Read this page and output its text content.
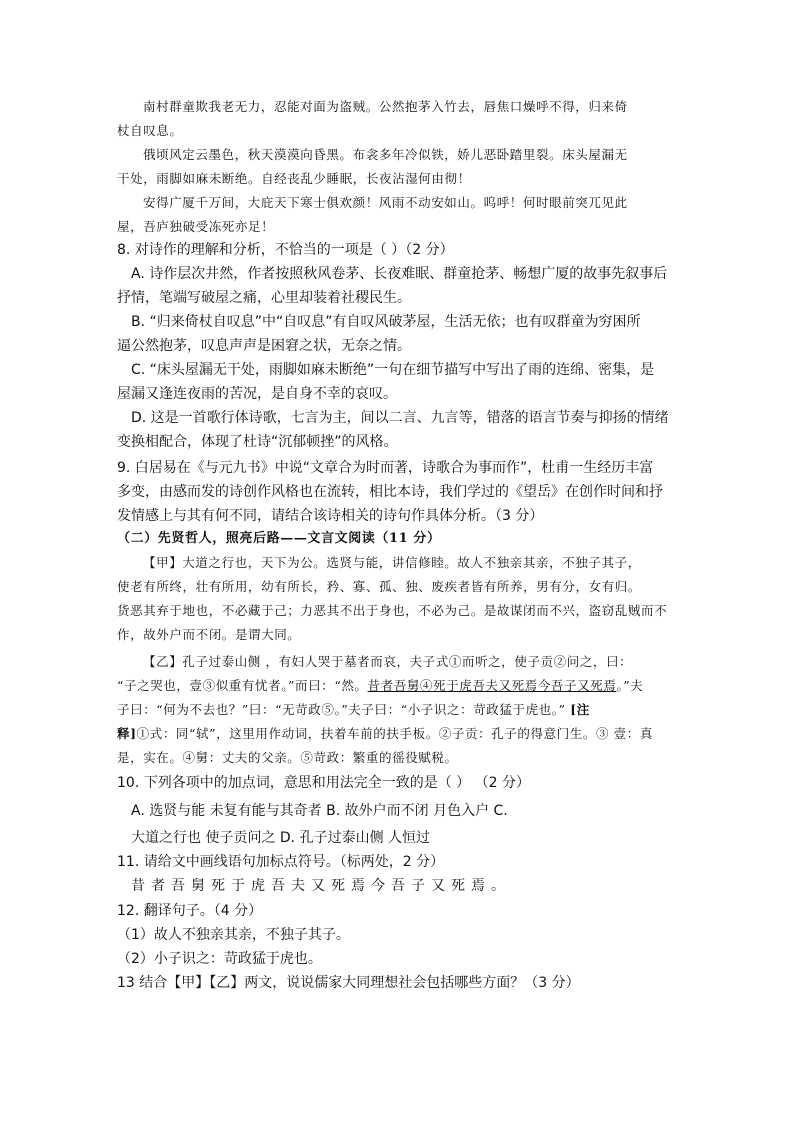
南村群童欺我老无力，忍能对面为盗贼。公然抱茅入竹去，唇焦口燥呼不得，归来倚
杖自叹息。
俄顷风定云墨色，秋天漠漠向昏黑。布衾多年冷似铁，娇儿恶卧踏里裂。床头屋漏无
干处，雨脚如麻未断绝。自经丧乱少睡眠，长夜沾湿何由彻！
安得广厦千万间，大庇天下寒士俱欢颜！风雨不动安如山。呜呼！何时眼前突兀见此
屋，吾庐独破受冻死亦足！
8. 对诗作的理解和分析，不恰当的一项是（ ）（2 分）
A. 诗作层次井然，作者按照秋风卷茅、长夜难眠、群童抢茅、畅想广厦的故事先叙事后
抒情，笔端写破屋之痛，心里却装着社稷民生。
B. “归来倚杖自叹息”中“自叹息”有自叹风破茅屋，生活无依；也有叹群童为穷困所
逼公然抱茅，叹息声声是困窘之状，无奈之情。
C. “床头屋漏无干处，雨脚如麻未断绝”一句在细节描写中写出了雨的连绵、密集，是
屋漏又逢连夜雨的苦况，是自身不幸的哀叹。
D. 这是一首歌行体诗歌，七言为主，间以二言、九言等，错落的语言节奏与抑扬的情绪
变换相配合，体现了杜诗“沉郁顿挫”的风格。
9. 白居易在《与元九书》中说“文章合为时而著，诗歌合为事而作”，杜甫一生经历丰富
多变，由感而发的诗创作风格也在流转，相比本诗，我们学过的《望岳》在创作时间和抒
发情感上与其有何不同，请结合该诗相关的诗句作具体分析。（3 分）
（二）先贤哲人，照亮后路——文言文阅读（11 分）
【甲】大道之行也，天下为公。选贤与能，讲信修睦。故人不独亲其亲，不独子其子，
使老有所终，壮有所用，幼有所长，矜、寡、孤、独、废疾者皆有所养，男有分，女有归。
货恶其弃于地也，不必藏于己；力恶其不出于身也，不必为己。是故谋闭而不兴，盗窃乱贼而不
作，故外户而不闭。是谓大同。
【乙】孔子过泰山侧 ，有妇人哭于墓者而哀，夫子式①而听之，使子贡②问之，曰：
“子之哭也，壹③似重有忧者。”而曰：“然。昔者吾舅④死于虎吾夫又死焉今吾子又死焉。”夫
子曰：“何为不去也？”曰：“无苛政⑤。”夫子曰：“小子识之：苛政猛于虎也。” [注
释]①式：同“轼”，这里用作动词，扶着车前的扶手板。②子贡：孔子的得意门生。③ 壹：真
是，实在。④舅：丈夫的父亲。⑤苛政：繁重的徭役赋税。
10. 下列各项中的加点词，意思和用法完全一致的是（ ） （2 分）
A. 选贤与能 未复有能与其奇者 B. 故外户而不闭 月色入户 C.
大道之行也 使子贡问之 D. 孔子过泰山侧 人恒过
11. 请给文中画线语句加标点符号。（标两处，2 分）
昔者吾舅死于虎吾夫又死焉今吾子又死焉。
12. 翻译句子。（4 分）
（1）故人不独亲其亲，不独子其子。
（2）小子识之：苛政猛于虎也。
13 结合【甲】【乙】两文，说说儒家大同理想社会包括哪些方面？（3 分）
